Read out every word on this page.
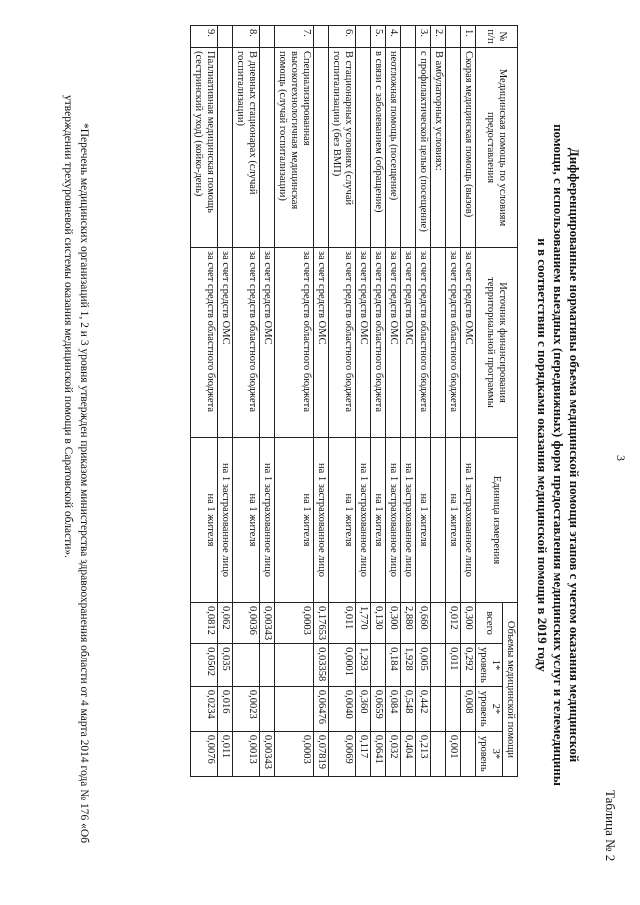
3
Таблица № 2
Дифференцированные нормативы объема медицинской помощи этапов с учетом оказания медицинской
помощи, с использованием выездных (передвижных) форм предоставления медицинских услуг и телемедицины
и в соответствии с порядками оказания медицинской помощи в 2019 году
№ п/п	Медицинская помощь по условиям предоставления	Источник финансирования территориальной программы	Единица измерения	Объемы медицинской помощи			
				всего	1* уровень	2* уровень	3* уровень
1.	Скорая медицинская помощь (вызов)	за счет средств ОМС	на 1 застрахованное лицо	0,300	0,292	0,008	
		за счет средств областного бюджета	на 1 жителя	0,012	0,011		0,001
2.	В амбулаторных условиях:						
3.	с профилактической целью (посещение)	за счет средств областного бюджета	на 1 жителя	0,660	0,005	0,442	0,213
		за счет средств ОМС	на 1 застрахованное лицо	2,880	1,928	0,548	0,404
4.	неотложная помощь (посещение)	за счет средств ОМС	на 1 застрахованное лицо	0,300	0,184	0,084	0,032
5.	в связи с заболеванием (обращение)	за счет средств областного бюджета	на 1 жителя	0,130		0,0659	0,0641
		за счет средств ОМС	на 1 застрахованное лицо	1,770	1,293	0,360	0,117
6.	В стационарных условиях (случай госпитализации) (без ВМП)	за счет средств областного бюджета	на 1 жителя	0,011	0,0001	0,0040	0,0069
		за счет средств ОМС	на 1 застрахованное лицо	0,17653	0,03358	0,06476	0,07819
7.	Специализированная высокотехнологичная медицинская помощь (случай госпитализации)	за счет средств областного бюджета	на 1 жителя	0,0003			0,0003
		за счет средств ОМС	на 1 застрахованное лицо	0,00343			0,00343
8.	В дневных стационарах (случай госпитализации)	за счет средств областного бюджета	на 1 жителя	0,0036		0,0023	0,0013
		за счет средств ОМС	на 1 застрахованное лицо	0,062	0,035	0,016	0,011
9.	Паллиативная медицинская помощь (сестринский уход) (койко-день)	за счет средств областного бюджета	на 1 жителя	0,0812	0,0502	0,0234	0,0076
*Перечень медицинских организаций 1, 2 и 3 уровня утвержден приказом министерства здравоохранения области от 4 марта 2014 года № 176 «Об утверждении трехуровневой системы оказания медицинской помощи в Саратовской области».
